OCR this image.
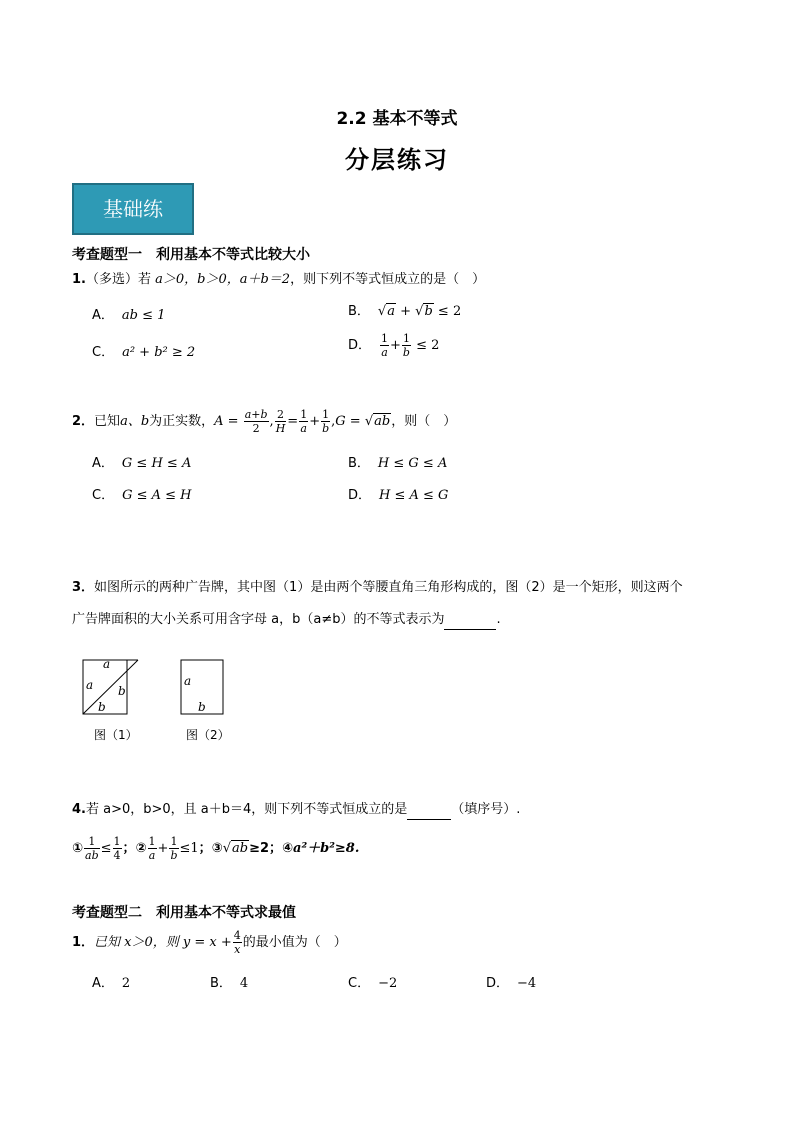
2.2 基本不等式
分层练习
基础练
考查题型一　利用基本不等式比较大小
1.（多选）若 a＞0，b＞0，a＋b＝2，则下列不等式恒成立的是（　）
A． ab ≤ 1	B． √a + √b ≤ 2
C． a² + b² ≥ 2	D． $\frac{1}{a} + \frac{1}{b} \le 2$
2．已知a、b为正实数，$A = \frac{a+b}{2}$ , $\frac{2}{H} = \frac{1}{a} + \frac{1}{b} ,G = √ab$，则（　）
A． G ≤ H ≤ A	B． H ≤ G ≤ A
C． G ≤ A ≤ H	D． H ≤ A ≤ G
3．如图所示的两种广告牌，其中图（1）是由两个等腰直角三角形构成的，图（2）是一个矩形，则这两个
广告牌面积的大小关系可用含字母 a，b（a≠b）的不等式表示为	.
a
a b
b
图（1）
a
b
图（2）
4.若 a>0，b>0，且 a＋b＝4，则下列不等式恒成立的是	（填序号）.
① $\frac{1}{ab} \le \frac{1}{4}$ ；② $\frac{1}{a} + \frac{1}{b} \le 1$；③√ab≥2；④a²＋b²≥8.
考查题型二　利用基本不等式求最值
1．已知 x＞0，则 $y = x + \frac{4}{x}$ 的最小值为（　）
A． 2	B． 4	C． −2	D． −4
